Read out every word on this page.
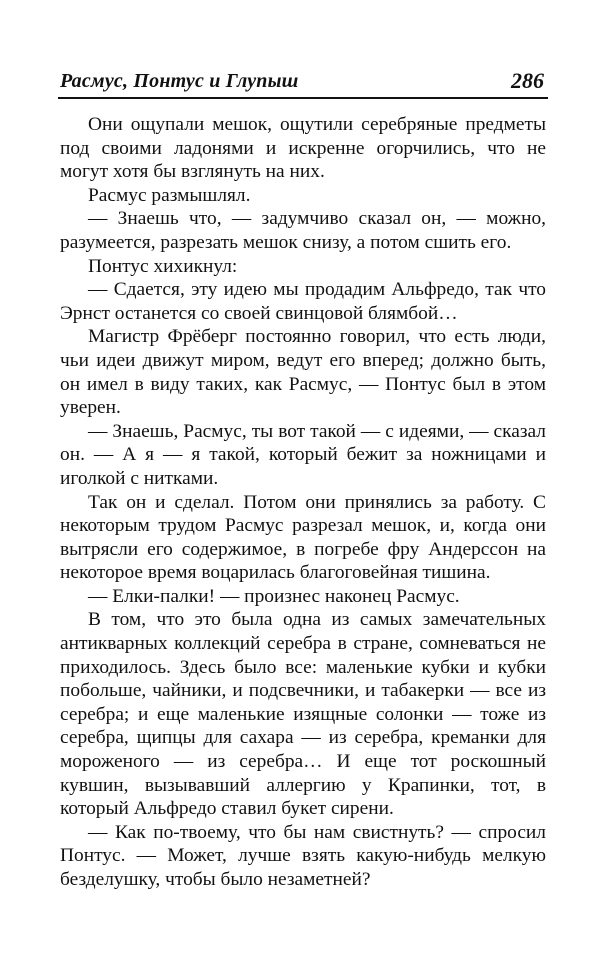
Расмус, Понтус и Глупыш	286

Они ощупали мешок, ощутили серебряные предметы под своими ладонями и искренне огорчились, что не могут хотя бы взглянуть на них.

Расмус размышлял.

— Знаешь что, — задумчиво сказал он, — можно, разумеется, разрезать мешок снизу, а потом сшить его.

Понтус хихикнул:

— Сдается, эту идею мы продадим Альфредо, так что Эрнст останется со своей свинцовой блямбой…

Магистр Фрёберг постоянно говорил, что есть люди, чьи идеи движут миром, ведут его вперед; должно быть, он имел в виду таких, как Расмус, — Понтус был в этом уверен.

— Знаешь, Расмус, ты вот такой — с идеями, — сказал он. — А я — я такой, который бежит за ножницами и иголкой с нитками.

Так он и сделал. Потом они принялись за работу. С некоторым трудом Расмус разрезал мешок, и, когда они вытрясли его содержимое, в погребе фру Андерссон на некоторое время воцарилась благоговейная тишина.

— Елки-палки! — произнес наконец Расмус.

В том, что это была одна из самых замечательных антикварных коллекций серебра в стране, сомневаться не приходилось. Здесь было все: маленькие кубки и кубки побольше, чайники, и подсвечники, и табакерки — все из серебра; и еще маленькие изящные солонки — тоже из серебра, щипцы для сахара — из серебра, креманки для мороженого — из серебра… И еще тот роскошный кувшин, вызывавший аллергию у Крапинки, тот, в который Альфредо ставил букет сирени.

— Как по-твоему, что бы нам свистнуть? — спросил Понтус. — Может, лучше взять какую-нибудь мелкую безделушку, чтобы было незаметней?
